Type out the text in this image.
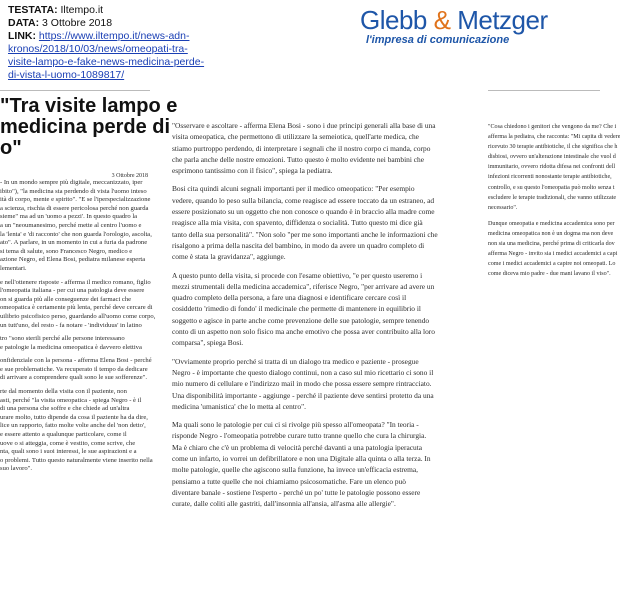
TESTATA: Iltempo.it
DATA: 3 Ottobre 2018
LINK: https://www.iltempo.it/news-adn-
kronos/2018/10/03/news/omeopati-tra-
visite-lampo-e-fake-news-medicina-perde-
di-vista-l-uomo-1089817/
Glebb & Metzger
l'impresa di comunicazione
"Tra visite lampo e
medicina perde di
o"
3 Ottobre 2018
- In un mondo sempre più digitale, meccanizzato, iper
ibito"), "la medicina sta perdendo di vista l'uomo inteso
ità di corpo, mente e spirito". "E se l'iperspecializzazione
a scienza, rischia di essere pericolosa perché non guarda
sieme" ma ad un 'uomo a pezzi'. In questo quadro la
a un "neoumanesimo, perché mette al centro l'uomo e
la 'lenta' e 'di racconto' che non guarda l'orologio, ascolta,
ato". A parlare, in un momento in cui a furia da padrone
si tema di salute, sono Francesco Negro, medico e
azione Negro, ed Elena Bosi, pediatra milanese esperta
lementari.
e nell'ottenere risposte - afferma il medico romano, figlio
l'omeopatia italiana - per cui una patologia deve essere
on si guarda più alle conseguenze dei farmaci che
omeopatica è certamente più lenta, perché deve cercare di
uilibrio psicofisico perso, guardando all'uomo come corpo,
un tutt'uno, del resto - fa notare - 'individuus' in latino
tro "sono sterili perché alle persone interessano
e patologie la medicina omeopatica è davvero elettiva
onfidenziale con la persona - afferma Elena Bosi - perché
e sue problematiche. Va recuperato il tempo da dedicare
di arrivare a comprendere quali sono le sue sofferenze".
rte dal momento della visita con il paziente, non
asti, perché "la visita omeopatica - spiega Negro - è il
di una persona che soffre e che chiede ad un'altra
urare molto, tutto dipende da cosa il paziente ha da dire,
lice un rapporto, fatto molte volte anche del 'non detto',
e essere attento a qualunque particolare, come il
uove o si atteggia, come è vestito, come scrive, che
nta, quali sono i suoi interessi, le sue aspirazioni e a
o problemi. Tutto questo naturalmente viene inserito nella
suo lavoro".
"Osservare e ascoltare - afferma Elena Bosi - sono i due principi generali alla base di una
visita omeopatica, che permettono di utilizzare la semeiotica, quell'arte medica, che
stiamo purtroppo perdendo, di interpretare i segnali che il nostro corpo ci manda, corpo
che parla anche delle nostre emozioni. Tutto questo è molto evidente nei bambini che
esprimono tantissimo con il fisico", spiega la pediatra.
Bosi cita quindi alcuni segnali importanti per il medico omeopatico: "Per esempio
vedere, quando lo peso sulla bilancia, come reagisce ad essere toccato da un estraneo, ad
essere posizionato su un oggetto che non conosce o quando è in braccio alla madre come
reagisce alla mia visita, con spavento, diffidenza o socialità. Tutto questo mi dice già
tanto della sua personalità". "Non solo "per me sono importanti anche le informazioni che
risalgono a prima della nascita del bambino, in modo da avere un quadro completo di
come è stata la gravidanza", aggiunge.
A questo punto della visita, si procede con l'esame obiettivo, "e per questo useremo i
mezzi strumentali della medicina accademica", riferisce Negro, "per arrivare ad avere un
quadro completo della persona, a fare una diagnosi e identificare cercare così il
cosiddetto 'rimedio di fondo' il medicinale che permette di mantenere in equilibrio il
soggetto e agisce in parte anche come prevenzione delle sue patologie, sempre tenendo
conto di un aspetto non solo fisico ma anche emotivo che possa aver contribuito alla loro
comparsa", spiega Bosi.
"Ovviamente proprio perché si tratta di un dialogo tra medico e paziente - prosegue
Negro - è importante che questo dialogo continui, non a caso sul mio ricettario ci sono il
mio numero di cellulare e l'indirizzo mail in modo che possa essere sempre rintracciato.
Una disponibilità importante - aggiunge - perché il paziente deve sentirsi protetto da una
medicina 'umanistica' che lo metta al centro".
Ma quali sono le patologie per cui ci si rivolge più spesso all'omeopata? "In teoria -
risponde Negro - l'omeopatia potrebbe curare tutto tranne quello che cura la chirurgia.
Ma è chiaro che c'è un problema di velocità perché davanti a una patologia iperacuta
come un infarto, io vorrei un defibrillatore e non una Digitale alla quinta o alla terza. In
molte patologie, quelle che agiscono sulla funzione, ha invece un'efficacia estrema,
pensiamo a tutte quelle che noi chiamiamo psicosomatiche. Fare un elenco può
diventare banale - sostiene l'esperto - perché un po' tutte le patologie possono essere
curate, dalle coliti alle gastriti, dall'insonnia all'ansia, all'asma alle allergie".
"Cosa chiedono i genitori che vengono da me? Che i
afferma la pediatra, che racconta: "Mi capita di vedere
ricevuto 30 terapie antibiotiche, il che significa che h
disbiosi, ovvero un'alterazione intestinale che vuol d
immunitario, ovvero ridotta difesa nei confronti dell
infezioni ricorrenti nonostante terapie antibiotiche,
controllo, e su questo l'omeopatia può molto senza t
escludere le terapie tradizionali, che vanno utilizzate
necessario".
Dunque omeopatia e medicina accademica sono per
medicina omeopatica non è un dogma ma non deve
non sia una medicina, perché prima di criticarla dov
afferma Negro - invito sia i medici accademici a capi
come i medici accademici a capire noi omeopati. Lo
come diceva mio padre - due mani lavano il viso".
